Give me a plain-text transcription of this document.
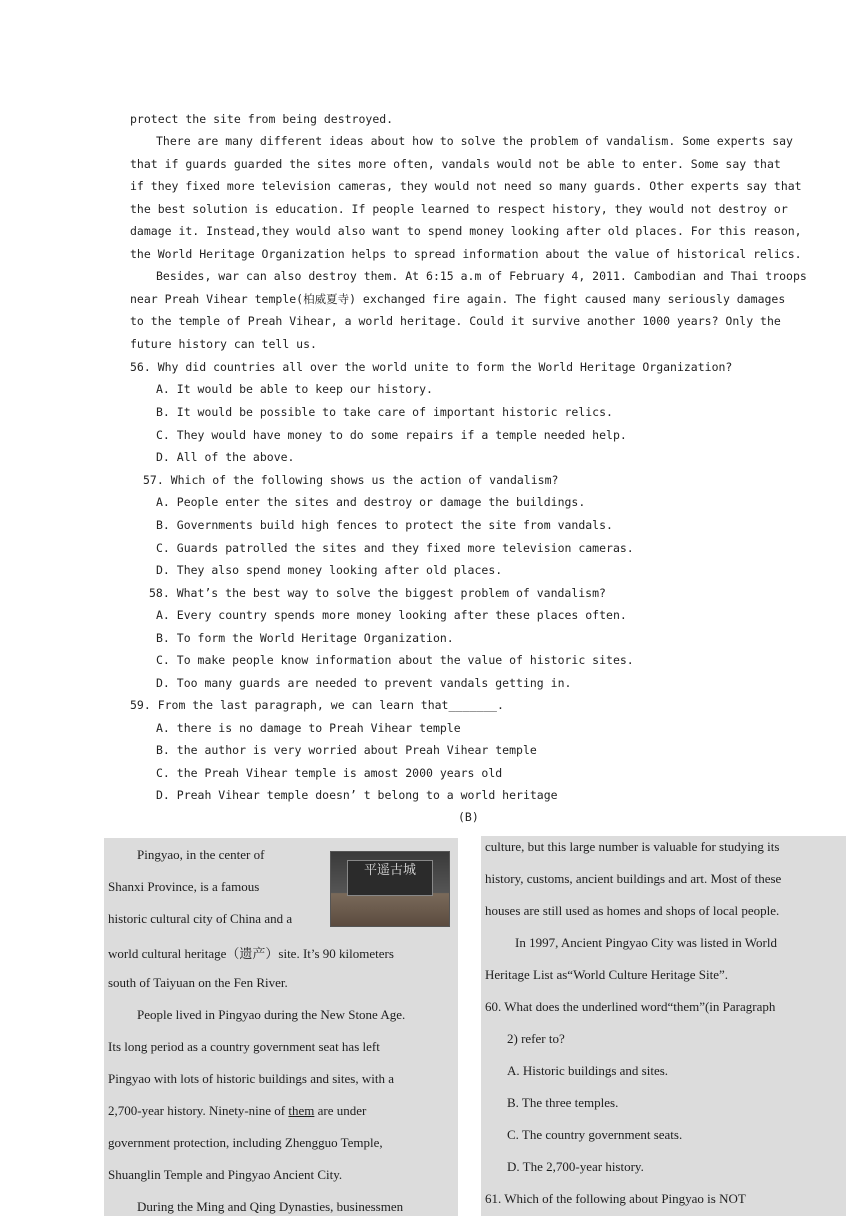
protect the site from being destroyed.
There are many different ideas about how to solve the problem of vandalism. Some experts say
that if guards guarded the sites more often, vandals would not be able to enter. Some say that
if they fixed more television cameras, they would not need so many guards. Other experts say that
the best solution is education. If people learned to respect history, they would not destroy or
damage it. Instead,they would also want to spend money looking after old places. For this reason,
the World Heritage Organization helps to spread information about the value of historical relics.
Besides, war can also destroy them. At 6:15 a.m of February 4, 2011. Cambodian and Thai troops
near Preah Vihear temple(柏威夏寺) exchanged fire again. The fight caused many seriously damages
to the temple of Preah Vihear, a world heritage. Could it survive another 1000 years? Only the
future history can tell us.
56. Why did countries all over the world unite to form the World Heritage Organization?
A. It would be able to keep our history.
B. It would be possible to take care of important historic relics.
C. They would have money to do some repairs if a temple needed help.
D. All of the above.
57. Which of the following shows us the action of vandalism?
A. People enter the sites and destroy or damage the buildings.
B. Governments build high fences to protect the site from vandals.
C. Guards patrolled the sites and they fixed more television cameras.
D. They also spend money looking after old places.
58. What’s the best way to solve the biggest problem of vandalism?
A. Every country spends more money looking after these places often.
B. To form the World Heritage Organization.
C. To make people know information about the value of historic sites.
D. Too many guards are needed to prevent vandals getting in.
59. From the last paragraph, we can learn that_______.
A. there is no damage to Preah Vihear temple
B. the author is very worried about Preah Vihear temple
C. the Preah Vihear temple is amost 2000 years old
D. Preah Vihear temple doesn’ t belong to a world heritage
(B)
Pingyao, in the center of
Shanxi Province, is a famous
historic cultural city of China and a
world cultural heritage（遗产）site. It’s 90 kilometers
south of Taiyuan on the Fen River.
People lived in Pingyao during the New Stone Age.
Its long period as a country government seat has left
Pingyao with lots of historic buildings and sites, with a
2,700-year history. Ninety-nine of them are under
government protection, including Zhengguo Temple,
Shuanglin Temple and Pingyao Ancient City.
During the Ming and Qing Dynasties, businessmen
平遥古城
culture, but this large number is valuable for studying its
history, customs, ancient buildings and art. Most of these
houses are still used as homes and shops of local people.
In 1997, Ancient Pingyao City was listed in World
Heritage List as“World Culture Heritage Site”.
60. What does the underlined word“them”(in Paragraph
2) refer to?
A. Historic buildings and sites.
B. The three temples.
C. The country government seats.
D. The 2,700-year history.
61. Which of the following about Pingyao is NOT
